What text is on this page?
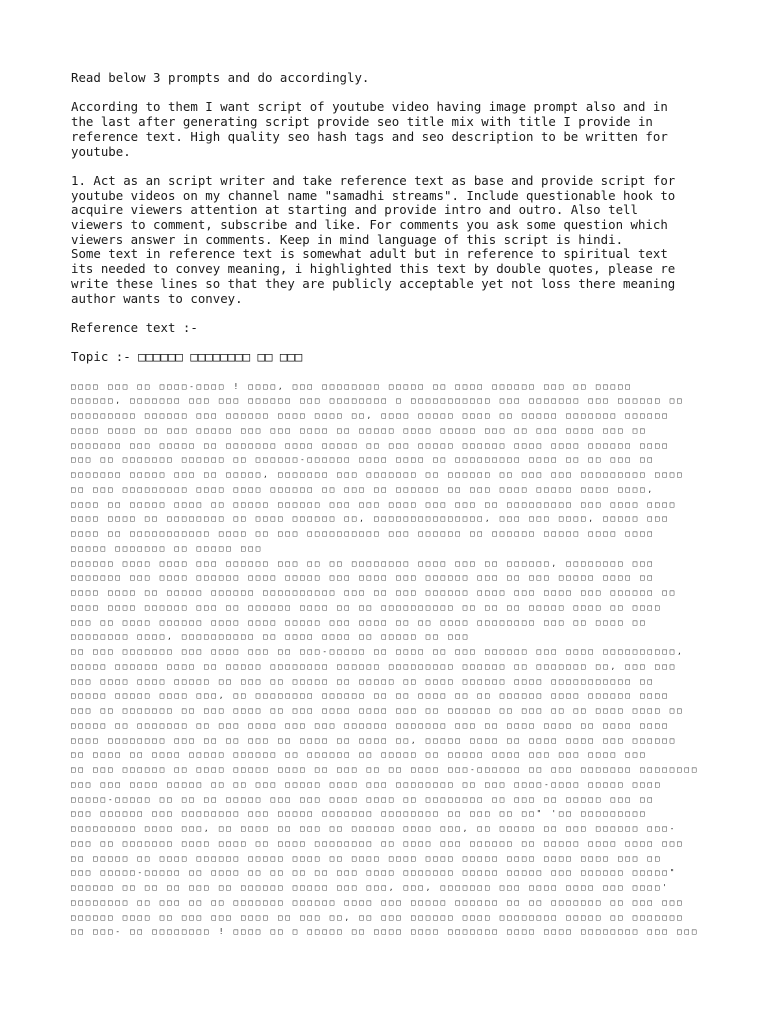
Read below 3 prompts and do accordingly.

According to them I want script of youtube video having image prompt also and in
the last after generating script provide seo title mix with title I provide in
reference text. High quality seo hash tags and seo description to be written for
youtube.
1. Act as an script writer and take reference text as base and provide script for
youtube videos on my channel name "samadhi streams". Include questionable hook to
acquire viewers attention at starting and provide intro and outro. Also tell
viewers to comment, subscribe and like. For comments you ask some question which
viewers answer in comments. Keep in mind language of this script is hindi.
Some text in reference text is somewhat adult but in reference to spiritual text
its needed to convey meaning, i highlighted this text by double quotes, please re
write these lines so that they are publicly acceptable yet not loss there meaning
author wants to convey.

Reference text :-

Topic :- □□□□□□ □□□□□□□□ □□ □□□

□□□□ □□□ □□ □□□□-□□□□ ! □□□□, □□□ □□□□□□□□ □□□□□ □□ □□□□ □□□□□□ □□□ □□ □□□□□
□□□□□□, □□□□□□□ □□□ □□□ □□□□□□ □□□ □□□□□□□□ □ □□□□□□□□□□□ □□□ □□□□□□□ □□□ □□□□□□ □□
□□□□□□□□□ □□□□□□ □□□ □□□□□□ □□□□ □□□□ □□, □□□□ □□□□□ □□□□ □□ □□□□□ □□□□□□□ □□□□□□
□□□□ □□□□ □□ □□□ □□□□□ □□□ □□□ □□□□ □□ □□□□□ □□□□ □□□□□ □□□ □□ □□□ □□□□ □□□ □□
□□□□□□□ □□□ □□□□□ □□ □□□□□□□ □□□□ □□□□□ □□ □□□ □□□□□ □□□□□□ □□□□ □□□□ □□□□□□ □□□□
□□□ □□ □□□□□□□ □□□□□□ □□ □□□□□□-□□□□□□ □□□□ □□□□ □□ □□□□□□□□□ □□□□ □□ □□ □□□ □□
□□□□□□□ □□□□□ □□□ □□ □□□□□, □□□□□□□ □□□ □□□□□□□ □□ □□□□□□ □□ □□□ □□□ □□□□□□□□□ □□□□
□□ □□□ □□□□□□□□□ □□□□ □□□□ □□□□□□ □□ □□□ □□ □□□□□□ □□ □□□ □□□□ □□□□□ □□□□ □□□□,
□□□□ □□ □□□□□ □□□□ □□ □□□□□ □□□□□□ □□□ □□□ □□□□ □□□ □□□ □□ □□□□□□□□□ □□□ □□□□ □□□□
□□□□ □□□□ □□ □□□□□□□□ □□ □□□□ □□□□□□ □□, □□□□□□□□□□□□□□□, □□□ □□□ □□□□, □□□□□ □□□
□□□□ □□ □□□□□□□□□□□ □□□□ □□ □□□ □□□□□□□□□□ □□□ □□□□□□ □□ □□□□□□ □□□□□ □□□□ □□□□
□□□□□ □□□□□□□ □□ □□□□□ □□□
□□□□□□ □□□□ □□□□ □□□ □□□□□□ □□□ □□ □□ □□□□□□□□ □□□□ □□□ □□ □□□□□□, □□□□□□□□ □□□
□□□□□□□ □□□ □□□□ □□□□□□ □□□□ □□□□□ □□□ □□□□ □□□ □□□□□□ □□□ □□ □□□ □□□□□ □□□□ □□
□□□□ □□□□ □□ □□□□□ □□□□□□ □□□□□□□□□□ □□□ □□ □□□ □□□□□□ □□□□ □□□ □□□□ □□□ □□□□□□ □□
□□□□ □□□□ □□□□□□ □□□ □□ □□□□□□ □□□□ □□ □□ □□□□□□□□□□ □□ □□ □□ □□□□□ □□□□ □□ □□□□
□□□ □□ □□□□ □□□□□□ □□□□ □□□□ □□□□□ □□□ □□□□ □□ □□ □□□□ □□□□□□□□ □□□ □□ □□□□ □□
□□□□□□□□ □□□□, □□□□□□□□□□ □□ □□□□ □□□□ □□ □□□□□ □□ □□□
□□ □□□ □□□□□□□ □□□ □□□□ □□□ □□ □□□-□□□□□ □□ □□□□ □□ □□□ □□□□□□ □□□ □□□□ □□□□□□□□□□,
□□□□□ □□□□□□ □□□□ □□ □□□□□ □□□□□□□□ □□□□□□ □□□□□□□□□ □□□□□□ □□ □□□□□□□ □□, □□□ □□□
□□□ □□□□ □□□□ □□□□□ □□ □□□ □□ □□□□□ □□ □□□□□ □□ □□□□ □□□□□□ □□□□ □□□□□□□□□□□ □□
□□□□□ □□□□□ □□□□ □□□, □□ □□□□□□□□ □□□□□□ □□ □□ □□□□ □□ □□ □□□□□□ □□□□ □□□□□□ □□□□
□□□ □□ □□□□□□□ □□ □□□ □□□□ □□ □□□ □□□□ □□□□ □□□ □□ □□□□□□ □□ □□□ □□ □□ □□□□ □□□□ □□
□□□□□ □□ □□□□□□□ □□ □□□ □□□□ □□□ □□□ □□□□□□ □□□□□□□ □□□ □□ □□□□ □□□□ □□ □□□□ □□□□
□□□□ □□□□□□□□ □□□ □□ □□ □□□ □□ □□□□ □□ □□□□ □□, □□□□□ □□□□ □□ □□□□ □□□□ □□□ □□□□□□
□□ □□□□ □□ □□□□ □□□□□ □□□□□□ □□ □□□□□□ □□ □□□□□ □□ □□□□□ □□□□ □□□ □□□ □□□□ □□□
□□ □□□ □□□□□□ □□ □□□□ □□□□□ □□□□ □□ □□□ □□ □□ □□□□ □□□-□□□□□□ □□ □□□ □□□□□□□ □□□□□□□□
□□□ □□□ □□□□ □□□□□ □□ □□ □□□ □□□□□ □□□□ □□□ □□□□□□□□ □□ □□□ □□□□-□□□□ □□□□□ □□□□
□□□□□-□□□□□ □□ □□ □□ □□□□□ □□□ □□□ □□□□ □□□□ □□ □□□□□□□□ □□ □□□ □□ □□□□□ □□□ □□
□□□ □□□□□□ □□□ □□□□□□□□ □□□ □□□□□ □□□□□□□ □□□□□□□□ □□ □□□ □□ □□" '□□ □□□□□□□□□
□□□□□□□□□ □□□□ □□□, □□ □□□□ □□ □□□ □□ □□□□□□ □□□□ □□□, □□ □□□□□ □□ □□□ □□□□□□ □□□-
□□□ □□ □□□□□□□ □□□□ □□□□ □□ □□□□ □□□□□□□□ □□ □□□□ □□□ □□□□□□ □□ □□□□□ □□□□ □□□□ □□□
□□ □□□□□ □□ □□□□ □□□□□□ □□□□□ □□□□ □□ □□□□ □□□□ □□□□ □□□□□ □□□□ □□□□ □□□□ □□□ □□
□□□ □□□□□-□□□□□ □□ □□□□ □□ □□ □□ □□ □□□ □□□□ □□□□□□□ □□□□□ □□□□□ □□□ □□□□□□ □□□□□"
□□□□□□ □□ □□ □□ □□□ □□ □□□□□□ □□□□□ □□□ □□□, □□□, □□□□□□□ □□□ □□□□ □□□□ □□□ □□□□'
□□□□□□□□ □□ □□□ □□ □□ □□□□□□□ □□□□□□ □□□□ □□□ □□□□□ □□□□□□ □□ □□ □□□□□□□ □□ □□□ □□□
□□□□□□ □□□□ □□ □□□ □□□ □□□□ □□ □□□ □□, □□ □□□ □□□□□□ □□□□ □□□□□□□□ □□□□□ □□ □□□□□□□
□□ □□□- □□ □□□□□□□□ ! □□□□ □□ □ □□□□□ □□ □□□□ □□□□ □□□□□□□ □□□□ □□□□ □□□□□□□□ □□□ □□□
